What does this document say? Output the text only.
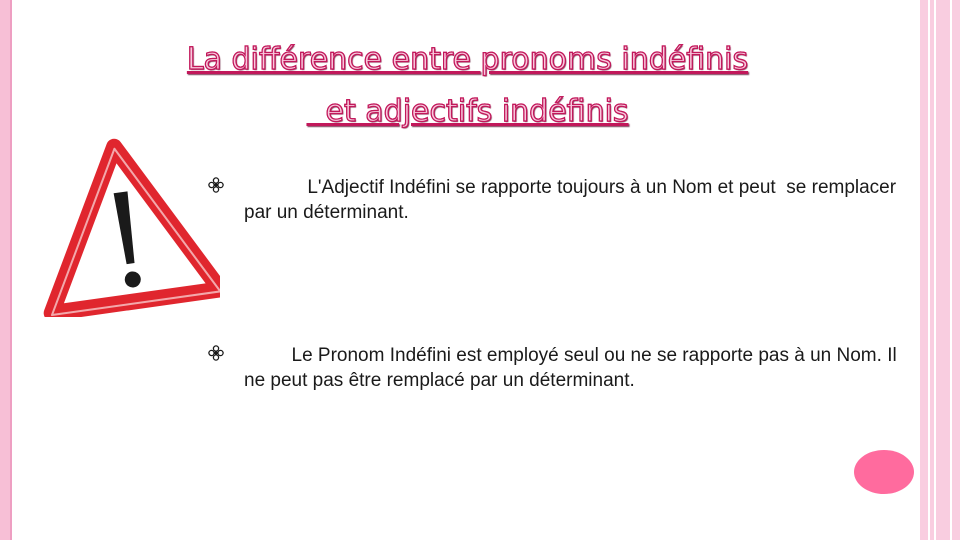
La différence entre pronoms indéfinis
et adjectifs indéfinis
L'Adjectif Indéfini se rapporte toujours à un Nom et peut  se remplacer par un déterminant.
Le Pronom Indéfini est employé seul ou ne se rapporte pas à un Nom. Il ne peut pas être remplacé par un déterminant.
